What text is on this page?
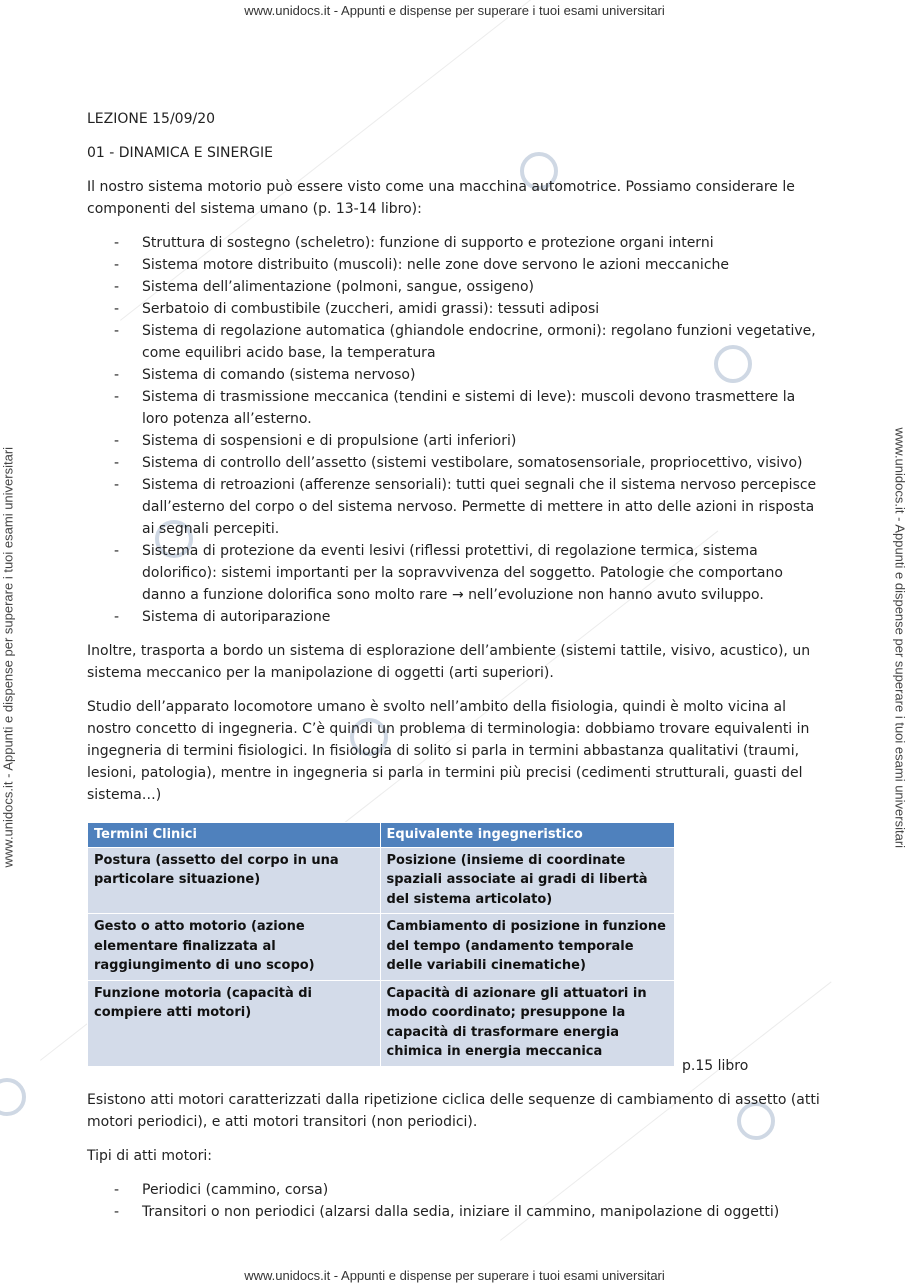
www.unidocs.it - Appunti e dispense per superare i tuoi esami universitari
www.unidocs.it - Appunti e dispense per superare i tuoi esami universitari
www.unidocs.it - Appunti e dispense per superare i tuoi esami universitari	www.unidocs.it - Appunti e dispense per superare i tuoi esami universitari
LEZIONE 15/09/20
01 - DINAMICA E SINERGIE

Il nostro sistema motorio può essere visto come una macchina automotrice. Possiamo considerare le componenti del sistema umano (p. 13-14 libro):

- Struttura di sostegno (scheletro): funzione di supporto e protezione organi interni
- Sistema motore distribuito (muscoli): nelle zone dove servono le azioni meccaniche
- Sistema dell’alimentazione (polmoni, sangue, ossigeno)
- Serbatoio di combustibile (zuccheri, amidi grassi): tessuti adiposi
- Sistema di regolazione automatica (ghiandole endocrine, ormoni): regolano funzioni vegetative, come equilibri acido base, la temperatura
- Sistema di comando (sistema nervoso)
- Sistema di trasmissione meccanica (tendini e sistemi di leve): muscoli devono trasmettere la loro potenza all’esterno.
- Sistema di sospensioni e di propulsione (arti inferiori)
- Sistema di controllo dell’assetto (sistemi vestibolare, somatosensoriale, propriocettivo, visivo)
- Sistema di retroazioni (afferenze sensoriali): tutti quei segnali che il sistema nervoso percepisce dall’esterno del corpo o del sistema nervoso. Permette di mettere in atto delle azioni in risposta ai segnali percepiti.
- Sistema di protezione da eventi lesivi (riflessi protettivi, di regolazione termica, sistema dolorifico): sistemi importanti per la sopravvivenza del soggetto. Patologie che comportano danno a funzione dolorifica sono molto rare → nell’evoluzione non hanno avuto sviluppo.
- Sistema di autoriparazione

Inoltre, trasporta a bordo un sistema di esplorazione dell’ambiente (sistemi tattile, visivo, acustico), un sistema meccanico per la manipolazione di oggetti (arti superiori).

Studio dell’apparato locomotore umano è svolto nell’ambito della fisiologia, quindi è molto vicina al nostro concetto di ingegneria. C’è quindi un problema di terminologia: dobbiamo trovare equivalenti in ingegneria di termini fisiologici. In fisiologia di solito si parla in termini abbastanza qualitativi (traumi, lesioni, patologia), mentre in ingegneria si parla in termini più precisi (cedimenti strutturali, guasti del sistema…)

Termini Clinici	Equivalente ingegneristico
Postura (assetto del corpo in una particolare situazione)	Posizione (insieme di coordinate spaziali associate ai gradi di libertà del sistema articolato)
Gesto o atto motorio (azione elementare finalizzata al raggiungimento di uno scopo)	Cambiamento di posizione in funzione del tempo (andamento temporale delle variabili cinematiche)
Funzione motoria (capacità di compiere atti motori)	Capacità di azionare gli attuatori in modo coordinato; presuppone la capacità di trasformare energia chimica in energia meccanica
p.15 libro

Esistono atti motori caratterizzati dalla ripetizione ciclica delle sequenze di cambiamento di assetto (atti motori periodici), e atti motori transitori (non periodici).

Tipi di atti motori:

- Periodici (cammino, corsa)
- Transitori o non periodici (alzarsi dalla sedia, iniziare il cammino, manipolazione di oggetti)
